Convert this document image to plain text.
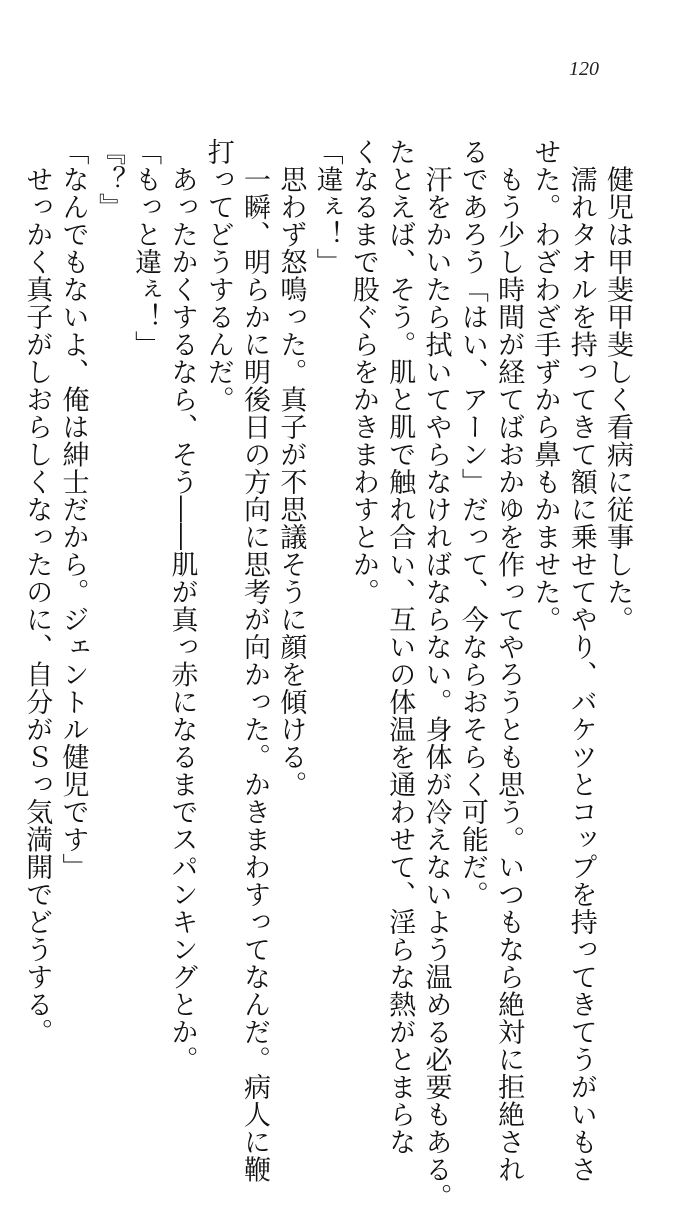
120
　健児は甲斐甲斐しく看病に従事した。
　濡れタオルを持ってきて額に乗せてやり、バケツとコップを持ってきてうがいもさ
せた。わざわざ手ずから鼻もかませた。
　もう少し時間が経てばおかゆを作ってやろうとも思う。いつもなら絶対に拒絶され
るであろう「はい、アーン」だって、今ならおそらく可能だ。
　汗をかいたら拭いてやらなければならない。身体が冷えないよう温める必要もある。
たとえば、そう。肌と肌で触れ合い、互いの体温を通わせて、淫らな熱がとまらな
くなるまで股ぐらをかきまわすとか。
「違ぇ！」
　思わず怒鳴った。真子が不思議そうに顔を傾ける。
　一瞬、明らかに明後日の方向に思考が向かった。かきまわすってなんだ。病人に鞭
打ってどうするんだ。
　あったかくするなら、そう――肌が真っ赤になるまでスパンキングとか。
「もっと違ぇ！」
『？』
「なんでもないよ、俺は紳士だから。ジェントル健児です」
　せっかく真子がしおらしくなったのに、自分がＳっ気満開でどうする。
